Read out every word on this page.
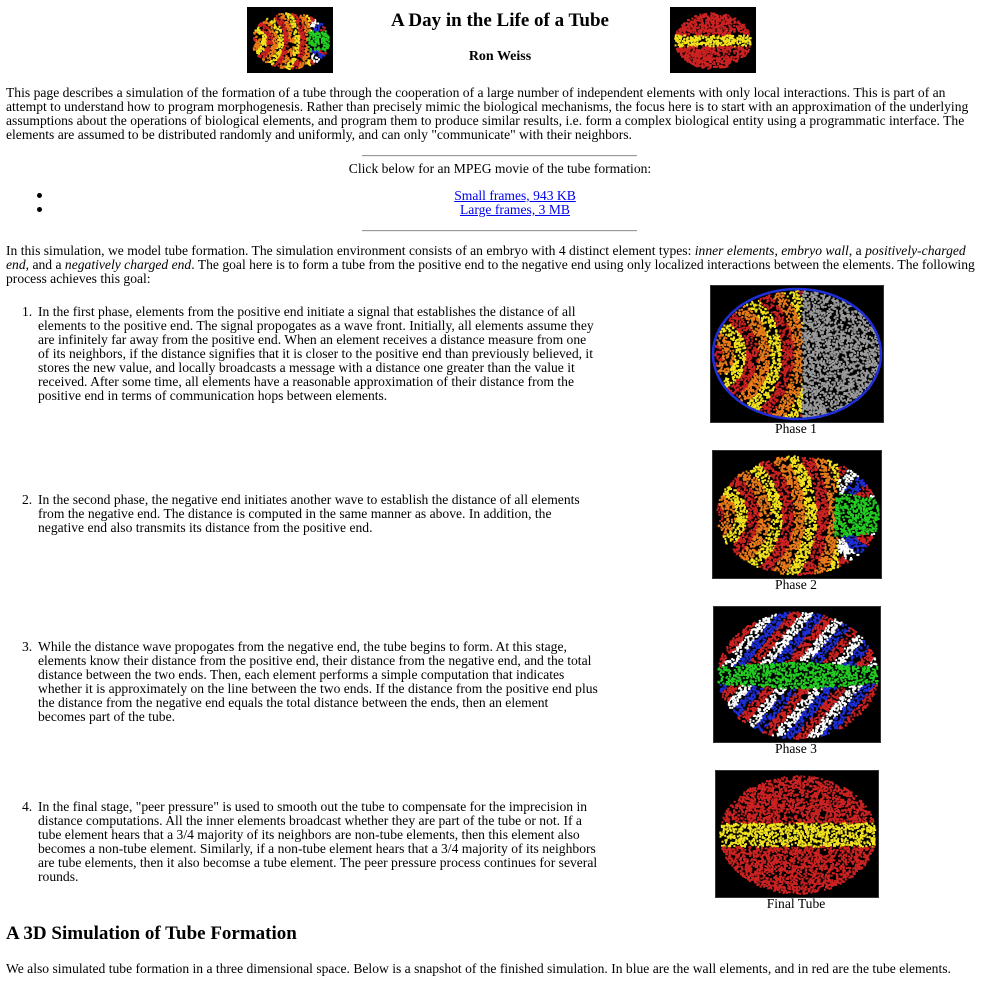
A Day in the Life of a Tube
Ron Weiss
This page describes a simulation of the formation of a tube through the cooperation of a large number of independent elements with only local interactions. This is part of an attempt to understand how to program morphogenesis. Rather than precisely mimic the biological mechanisms, the focus here is to start with an approximation of the underlying assumptions about the operations of biological elements, and program them to produce similar results, i.e. form a complex biological entity using a programmatic interface. The elements are assumed to be distributed randomly and uniformly, and can only "communicate" with their neighbors.
Click below for an MPEG movie of the tube formation:
Small frames, 943 KB
Large frames, 3 MB
In this simulation, we model tube formation. The simulation environment consists of an embryo with 4 distinct element types: inner elements, embryo wall, a positively-charged end, and a negatively charged end. The goal here is to form a tube from the positive end to the negative end using only localized interactions between the elements. The following process achieves this goal:
1. In the first phase, elements from the positive end initiate a signal that establishes the distance of all elements to the positive end. The signal propogates as a wave front. Initially, all elements assume they are infinitely far away from the positive end. When an element receives a distance measure from one of its neighbors, if the distance signifies that it is closer to the positive end than previously believed, it stores the new value, and locally broadcasts a message with a distance one greater than the value it received. After some time, all elements have a reasonable approximation of their distance from the positive end in terms of communication hops between elements.
2. In the second phase, the negative end initiates another wave to establish the distance of all elements from the negative end. The distance is computed in the same manner as above. In addition, the negative end also transmits its distance from the positive end.
3. While the distance wave propogates from the negative end, the tube begins to form. At this stage, elements know their distance from the positive end, their distance from the negative end, and the total distance between the two ends. Then, each element performs a simple computation that indicates whether it is approximately on the line between the two ends. If the distance from the positive end plus the distance from the negative end equals the total distance between the ends, then an element becomes part of the tube.
4. In the final stage, "peer pressure" is used to smooth out the tube to compensate for the imprecision in distance computations. All the inner elements broadcast whether they are part of the tube or not. If a tube element hears that a 3/4 majority of its neighbors are non-tube elements, then this element also becomes a non-tube element. Similarly, if a non-tube element hears that a 3/4 majority of its neighbors are tube elements, then it also becomse a tube element. The peer pressure process continues for several rounds.
Phase 1
Phase 2
Phase 3
Final Tube
A 3D Simulation of Tube Formation
We also simulated tube formation in a three dimensional space. Below is a snapshot of the finished simulation. In blue are the wall elements, and in red are the tube elements.
